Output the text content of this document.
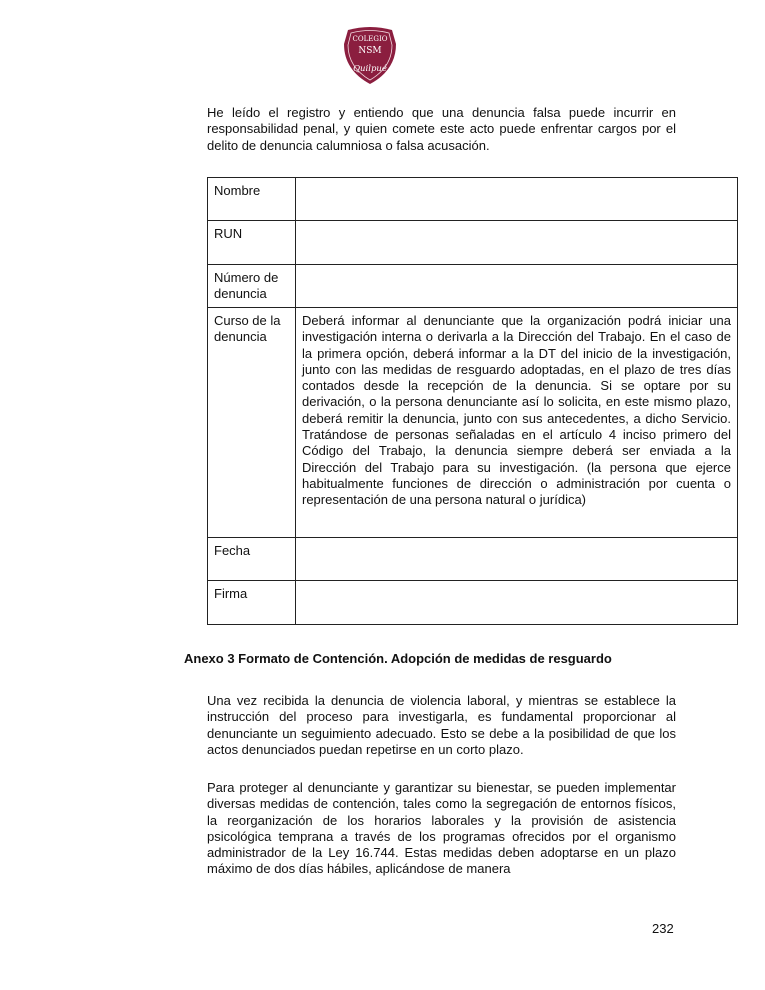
COLEGIO
NSM
Quilpué

He leído el registro y entiendo que una denuncia falsa puede incurrir en responsabilidad penal, y quien comete este acto puede enfrentar cargos por el delito de denuncia calumniosa o falsa acusación.

Nombre	
RUN	
Número de denuncia	
Curso de la denuncia	Deberá informar al denunciante que la organización podrá iniciar una investigación interna o derivarla a la Dirección del Trabajo. En el caso de la primera opción, deberá informar a la DT del inicio de la investigación, junto con las medidas de resguardo adoptadas, en el plazo de tres días contados desde la recepción de la denuncia. Si se optare por su derivación, o la persona denunciante así lo solicita, en este mismo plazo, deberá remitir la denuncia, junto con sus antecedentes, a dicho Servicio. Tratándose de personas señaladas en el artículo 4 inciso primero del Código del Trabajo, la denuncia siempre deberá ser enviada a la Dirección del Trabajo para su investigación. (la persona que ejerce habitualmente funciones de dirección o administración por cuenta o representación de una persona natural o jurídica)
Fecha	
Firma	

Anexo 3 Formato de Contención. Adopción de medidas de resguardo

Una vez recibida la denuncia de violencia laboral, y mientras se establece la instrucción del proceso para investigarla, es fundamental proporcionar al denunciante un seguimiento adecuado. Esto se debe a la posibilidad de que los actos denunciados puedan repetirse en un corto plazo.

Para proteger al denunciante y garantizar su bienestar, se pueden implementar diversas medidas de contención, tales como la segregación de entornos físicos, la reorganización de los horarios laborales y la provisión de asistencia psicológica temprana a través de los programas ofrecidos por el organismo administrador de la Ley 16.744. Estas medidas deben adoptarse en un plazo máximo de dos días hábiles, aplicándose de manera

232
